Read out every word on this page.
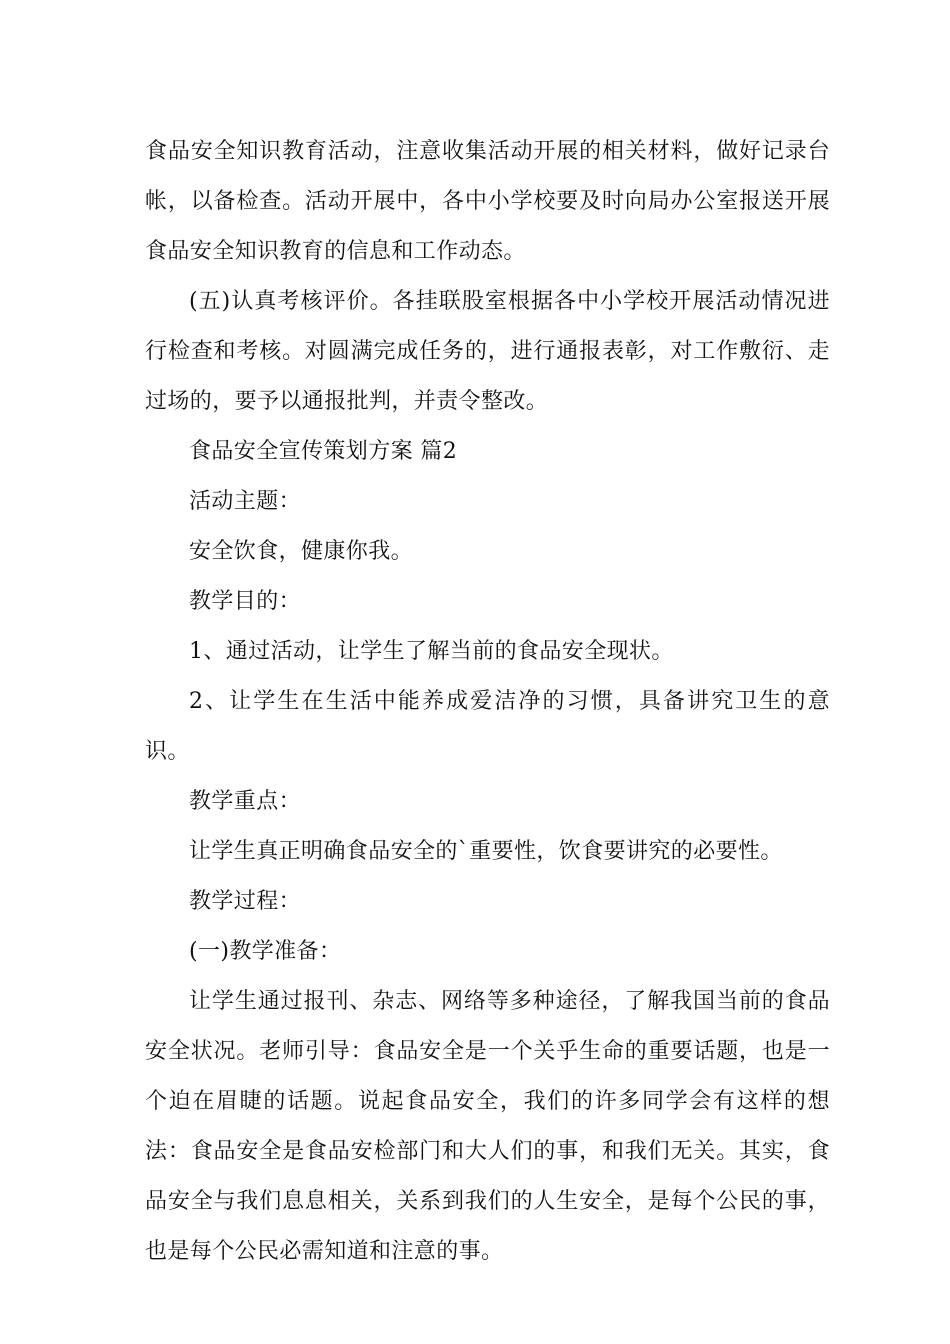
食品安全知识教育活动，注意收集活动开展的相关材料，做好记录台帐，以备检查。活动开展中，各中小学校要及时向局办公室报送开展食品安全知识教育的信息和工作动态。

(五)认真考核评价。各挂联股室根据各中小学校开展活动情况进行检查和考核。对圆满完成任务的，进行通报表彰，对工作敷衍、走过场的，要予以通报批判，并责令整改。

食品安全宣传策划方案 篇2

活动主题：

安全饮食，健康你我。

教学目的：

1、通过活动，让学生了解当前的食品安全现状。

2、让学生在生活中能养成爱洁净的习惯，具备讲究卫生的意识。

教学重点：

让学生真正明确食品安全的`重要性，饮食要讲究的必要性。

教学过程：

(一)教学准备：

让学生通过报刊、杂志、网络等多种途径，了解我国当前的食品安全状况。老师引导：食品安全是一个关乎生命的重要话题，也是一个迫在眉睫的话题。说起食品安全，我们的许多同学会有这样的想法：食品安全是食品安检部门和大人们的事，和我们无关。其实，食品安全与我们息息相关，关系到我们的人生安全，是每个公民的事，也是每个公民必需知道和注意的事。
